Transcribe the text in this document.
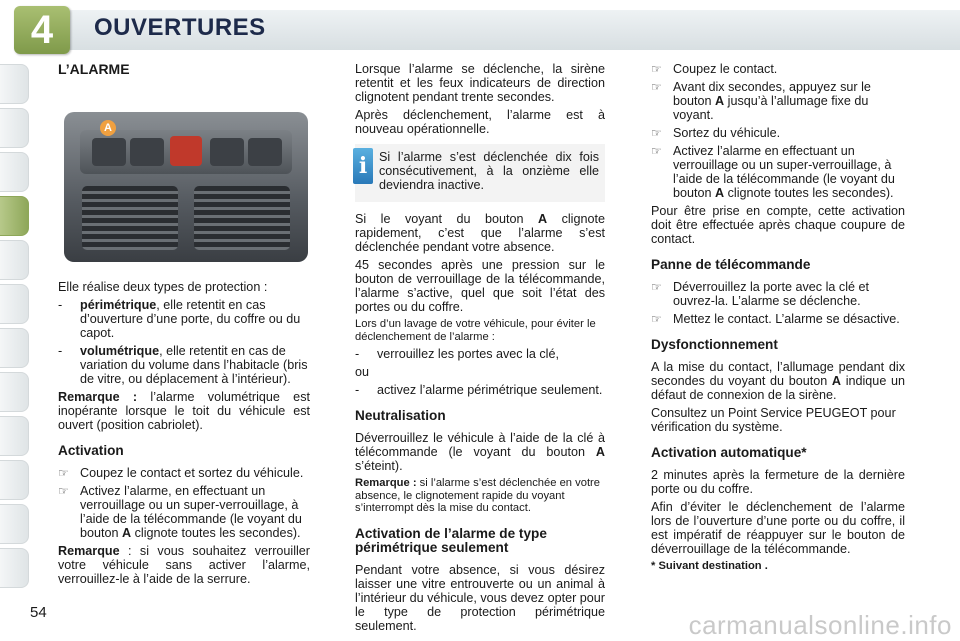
4	OUVERTURES
L’ALARME
A

Elle réalise deux types de protection :

-	périmétrique, elle retentit en cas d’ouverture d’une porte, du coffre ou du capot.
-	volumétrique, elle retentit en cas de variation du volume dans l’habitacle (bris de vitre, ou déplacement à l’intérieur).

Remarque : l’alarme volumétrique est inopérante lorsque le toit du véhicule est ouvert (position cabriolet).

Activation
☞ Coupez le contact et sortez du véhicule.
☞ Activez l’alarme, en effectuant un verrouillage ou un super-verrouillage, à l’aide de la télécommande (le voyant du bouton A clignote toutes les secondes).

Remarque : si vous souhaitez verrouiller votre véhicule sans activer l’alarme, verrouillez-le à l’aide de la serrure.

Lorsque l’alarme se déclenche, la sirène retentit et les feux indicateurs de direction clignotent pendant trente secondes.

Après déclenchement, l’alarme est à nouveau opérationnelle.

i Si l’alarme s’est déclenchée dix fois consécutivement, à la onzième elle deviendra inactive.

Si le voyant du bouton A clignote rapidement, c’est que l’alarme s’est déclenchée pendant votre absence.

45 secondes après une pression sur le bouton de verrouillage de la télécommande, l’alarme s’active, quel que soit l’état des portes ou du coffre.

Lors d’un lavage de votre véhicule, pour éviter le déclenchement de l’alarme :

-	verrouillez les portes avec la clé,

ou

-	activez l’alarme périmétrique seulement.
Neutralisation

Déverrouillez le véhicule à l’aide de la clé à télécommande (le voyant du bouton A s’éteint).

Remarque : si l’alarme s’est déclenchée en votre absence, le clignotement rapide du voyant s’interrompt dès la mise du contact.

Activation de l’alarme de type périmétrique seulement

Pendant votre absence, si vous désirez laisser une vitre entrouverte ou un animal à l’intérieur du véhicule, vous devez opter pour le type de protection périmétrique seulement.

☞ Coupez le contact.
☞ Avant dix secondes, appuyez sur le bouton A jusqu’à l’allumage fixe du voyant.
☞ Sortez du véhicule.
☞ Activez l’alarme en effectuant un verrouillage ou un super-verrouillage, à l’aide de la télécommande (le voyant du bouton A clignote toutes les secondes).

Pour être prise en compte, cette activation doit être effectuée après chaque coupure de contact.

Panne de télécommande
☞ Déverrouillez la porte avec la clé et ouvrez-la. L’alarme se déclenche.
☞ Mettez le contact. L’alarme se désactive.
Dysfonctionnement

A la mise du contact, l’allumage pendant dix secondes du voyant du bouton A indique un défaut de connexion de la sirène.

Consultez un Point Service PEUGEOT pour vérification du système.

Activation automatique*

2 minutes après la fermeture de la dernière porte ou du coffre.

Afin d’éviter le déclenchement de l’alarme lors de l’ouverture d’une porte ou du coffre, il est impératif de réappuyer sur le bouton de déverrouillage de la télécommande.

* Suivant destination .

54	carmanualsonline.info
